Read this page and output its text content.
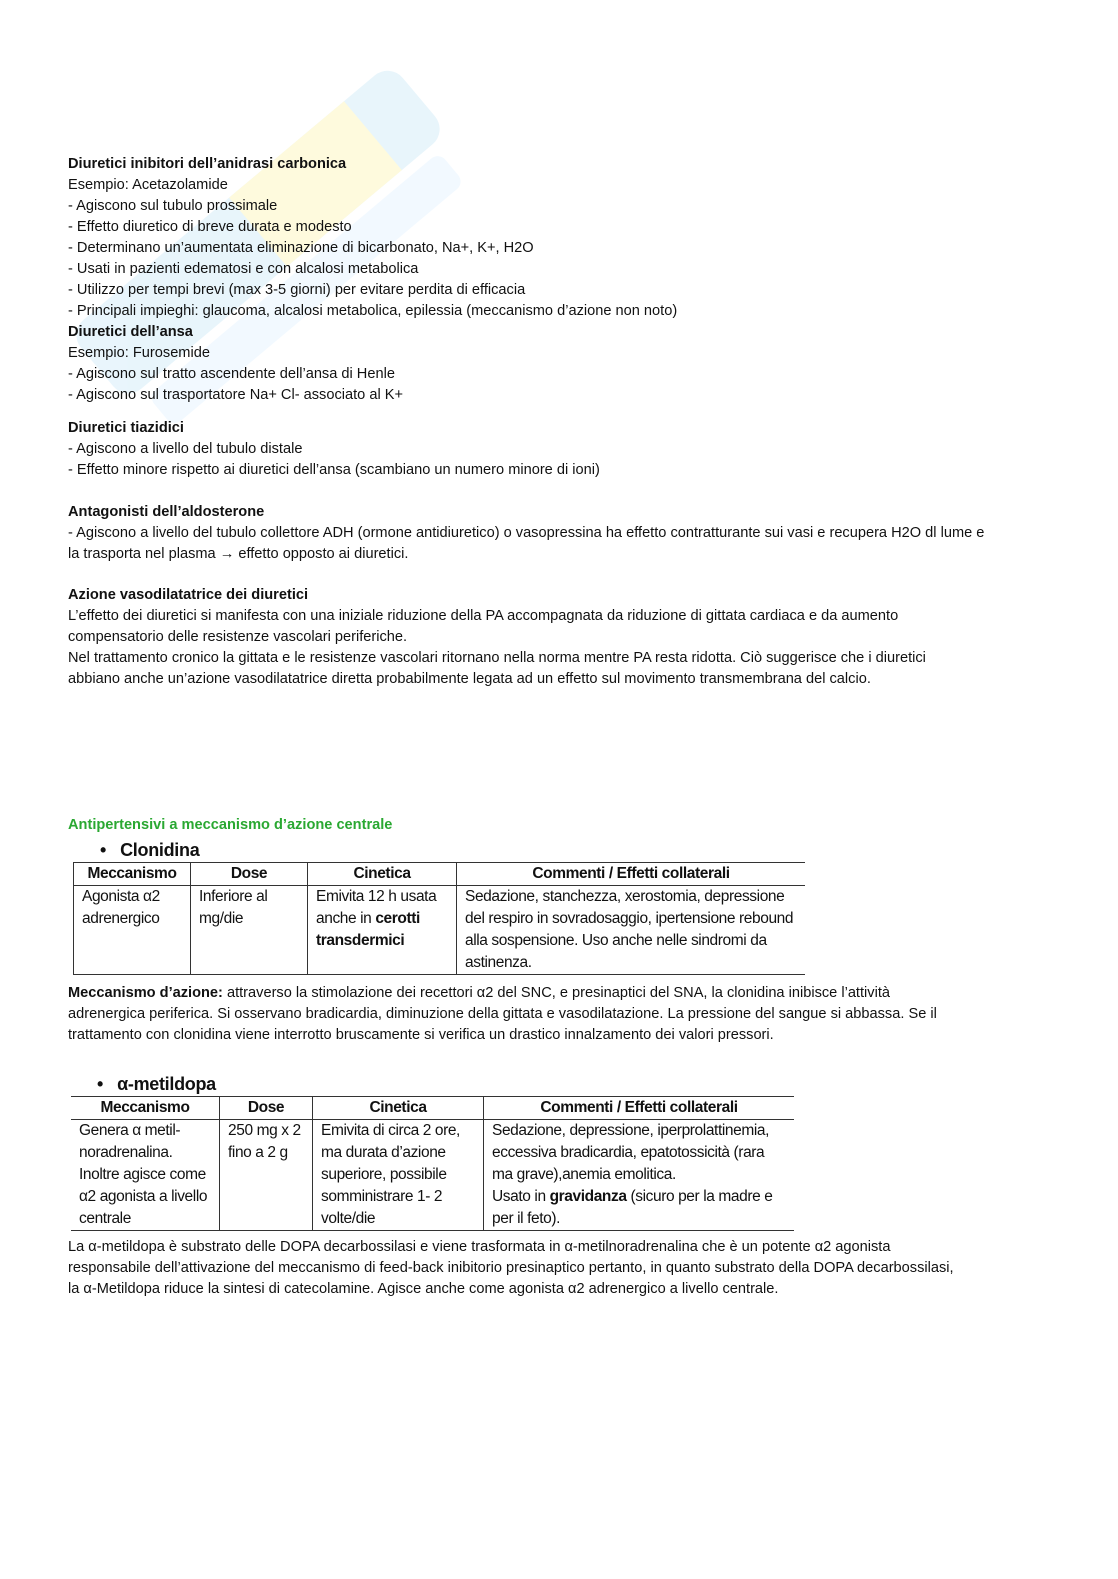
Diuretici inibitori dell’anidrasi carbonica
Esempio: Acetazolamide
- Agiscono sul tubulo prossimale
- Effetto diuretico di breve durata e modesto
- Determinano un’aumentata eliminazione di bicarbonato, Na+, K+, H2O
- Usati in pazienti edematosi e con alcalosi metabolica
- Utilizzo per tempi brevi (max 3-5 giorni) per evitare perdita di efficacia
- Principali impieghi: glaucoma, alcalosi metabolica, epilessia (meccanismo d’azione non noto)
Diuretici dell’ansa
Esempio: Furosemide
- Agiscono sul tratto ascendente dell’ansa di Henle
- Agiscono sul trasportatore Na+ Cl- associato al K+
Diuretici tiazidici
- Agiscono a livello del tubulo distale
- Effetto minore rispetto ai diuretici dell’ansa (scambiano un numero minore di ioni)
Antagonisti dell’aldosterone
- Agiscono a livello del tubulo collettore ADH (ormone antidiuretico) o vasopressina ha effetto contratturante sui vasi e recupera H2O dl lume e la trasporta nel plasma → effetto opposto ai diuretici.
Azione vasodilatatrice dei diuretici
L’effetto dei diuretici si manifesta con una iniziale riduzione della PA accompagnata da riduzione di gittata cardiaca e da aumento compensatorio delle resistenze vascolari periferiche.
Nel trattamento cronico la gittata e le resistenze vascolari ritornano nella norma mentre PA resta ridotta. Ciò suggerisce che i diuretici abbiano anche un’azione vasodilatatrice diretta probabilmente legata ad un effetto sul movimento transmembrana del calcio.
Antipertensivi a meccanismo d’azione centrale
•   Clonidina
Meccanismo	Dose	Cinetica	Commenti / Effetti collaterali
Agonista α2 adrenergico	Inferiore al mg/die	Emivita 12 h usata anche in cerotti transdermici	Sedazione, stanchezza, xerostomia, depressione del respiro in sovradosaggio, ipertensione rebound alla sospensione. Uso anche nelle sindromi da astinenza.
Meccanismo d’azione: attraverso la stimolazione dei recettori α2 del SNC, e presinaptici del SNA, la clonidina inibisce l’attività adrenergica periferica. Si osservano bradicardia, diminuzione della gittata e vasodilatazione. La pressione del sangue si abbassa. Se il trattamento con clonidina viene interrotto bruscamente si verifica un drastico innalzamento dei valori pressori.
•   α-metildopa
Meccanismo	Dose	Cinetica	Commenti / Effetti collaterali
Genera α metil-noradrenalina. Inoltre agisce come α2 agonista a livello centrale	250 mg x 2 fino a 2 g	Emivita di circa 2 ore, ma durata d’azione superiore, possibile somministrare 1- 2 volte/die	Sedazione, depressione, iperprolattinemia, eccessiva bradicardia, epatotossicità (rara ma grave),anemia emolitica.
Usato in gravidanza (sicuro per la madre e per il feto).
La α-metildopa è substrato delle DOPA decarbossilasi e viene trasformata in α-metilnoradrenalina che è un potente α2 agonista responsabile dell’attivazione del meccanismo di feed-back inibitorio presinaptico pertanto, in quanto substrato della DOPA decarbossilasi, la α-Metildopa riduce la sintesi di catecolamine. Agisce anche come agonista α2 adrenergico a livello centrale.
